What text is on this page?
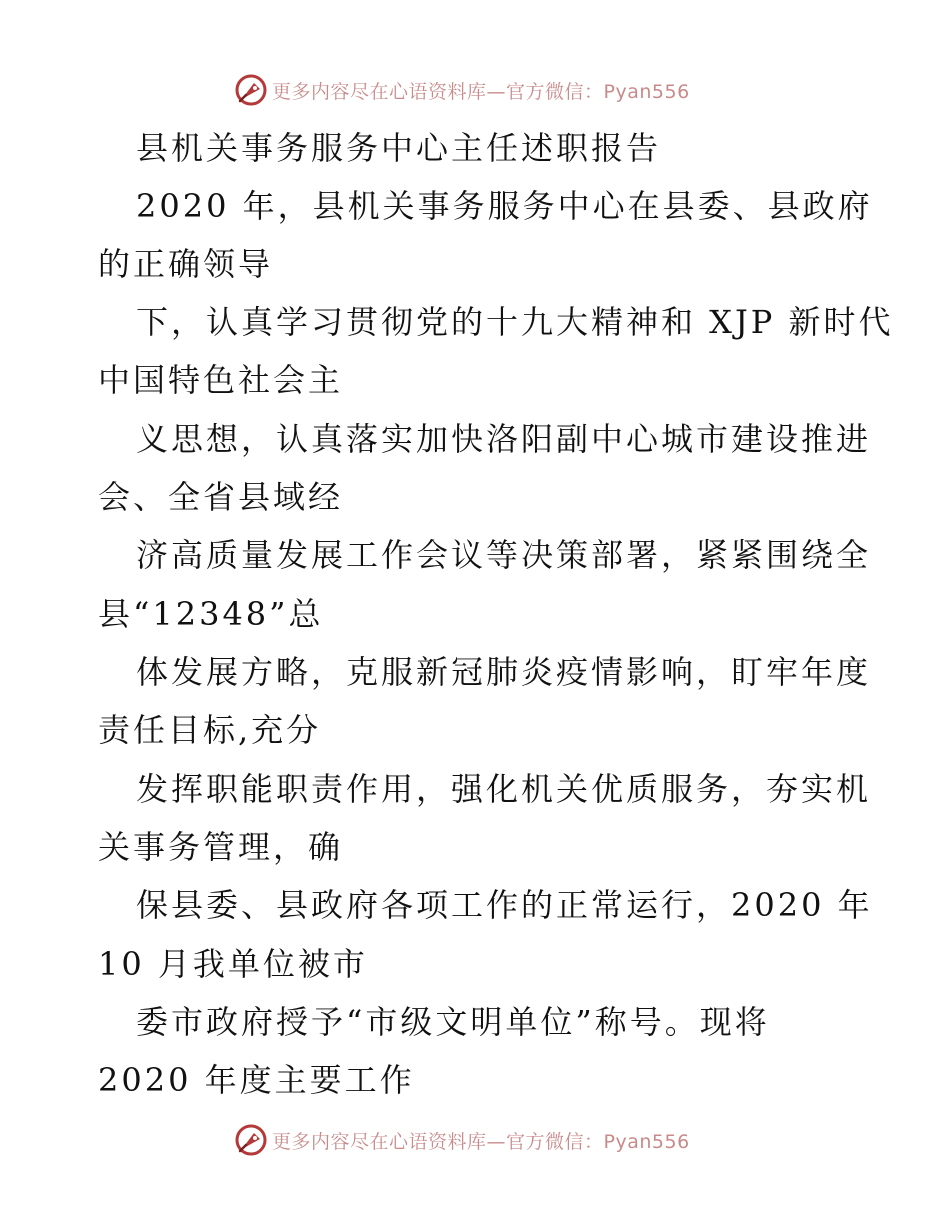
更多内容尽在心语资料库—官方微信：Pyan556
县机关事务服务中心主任述职报告
2020 年，县机关事务服务中心在县委、县政府
的正确领导
下，认真学习贯彻党的十九大精神和 XJP 新时代
中国特色社会主
义思想，认真落实加快洛阳副中心城市建设推进
会、全省县域经
济高质量发展工作会议等决策部署，紧紧围绕全
县“12348”总
体发展方略，克服新冠肺炎疫情影响，盯牢年度
责任目标,充分
发挥职能职责作用，强化机关优质服务，夯实机
关事务管理，确
保县委、县政府各项工作的正常运行，2020 年
10 月我单位被市
委市政府授予“市级文明单位”称号。现将
2020 年度主要工作
更多内容尽在心语资料库—官方微信：Pyan556
